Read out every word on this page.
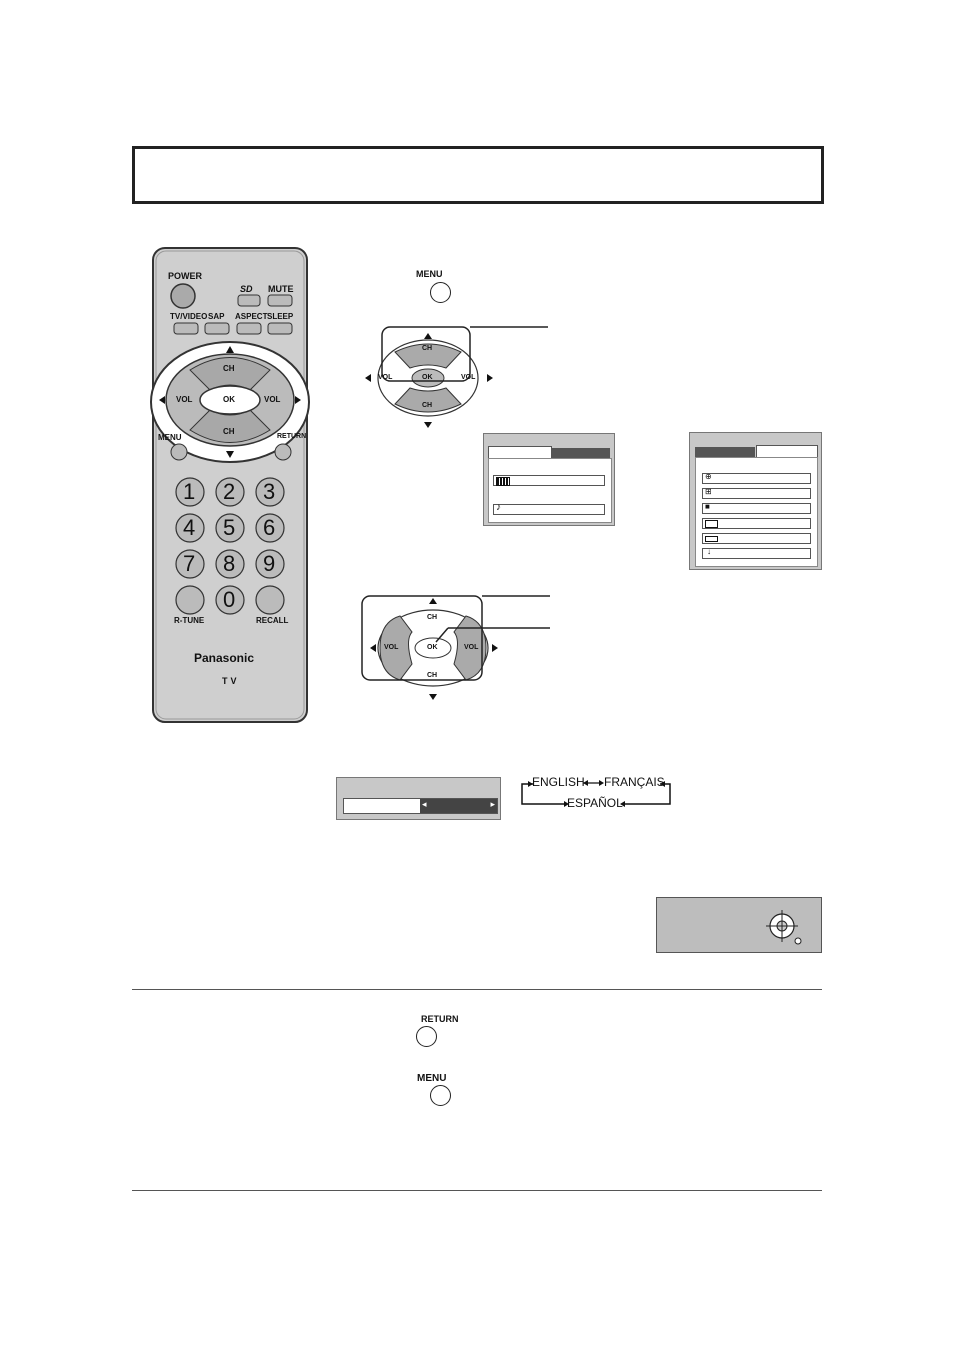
POWER
SD MUTE
TV/VIDEO SAP ASPECT SLEEP
CH
CH
VOL	VOL
OK
MENU	RETURN
1 2 3
4 5 6
7 8 9
0
R-TUNE	RECALL
Panasonic
TV
MENU
CH
CH
OK
VOL	VOL
♪
⊕
⊞
■
↓
CH
CH
OK
VOL	VOL
◂	▸
ENGLISH FRANÇAIS
ESPAÑOL
RETURN
MENU
